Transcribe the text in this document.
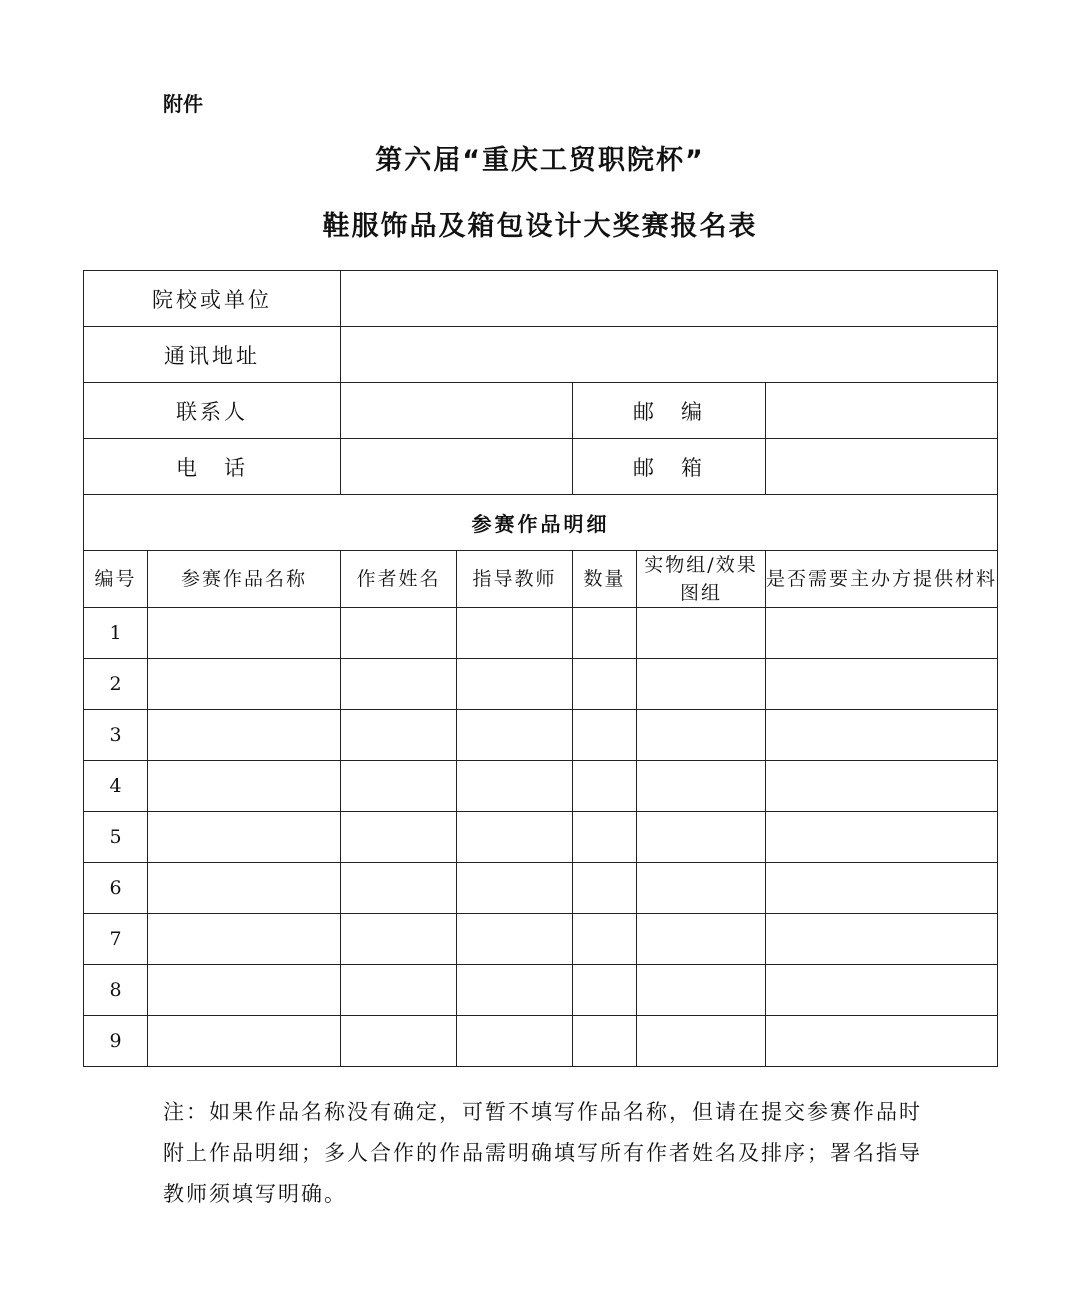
附件
第六届“重庆工贸职院杯”
鞋服饰品及箱包设计大奖赛报名表
院校或单位						
通讯地址						
联系人				邮　编		
电　话				邮　箱		
参赛作品明细						
编号	参赛作品名称	作者姓名	指导教师	数量	实物组/效果图组	是否需要主办方提供材料
1						
2						
3						
4						
5						
6						
7						
8						
9						
注：如果作品名称没有确定，可暂不填写作品名称，但请在提交参赛作品时附上作品明细；多人合作的作品需明确填写所有作者姓名及排序；署名指导教师须填写明确。
